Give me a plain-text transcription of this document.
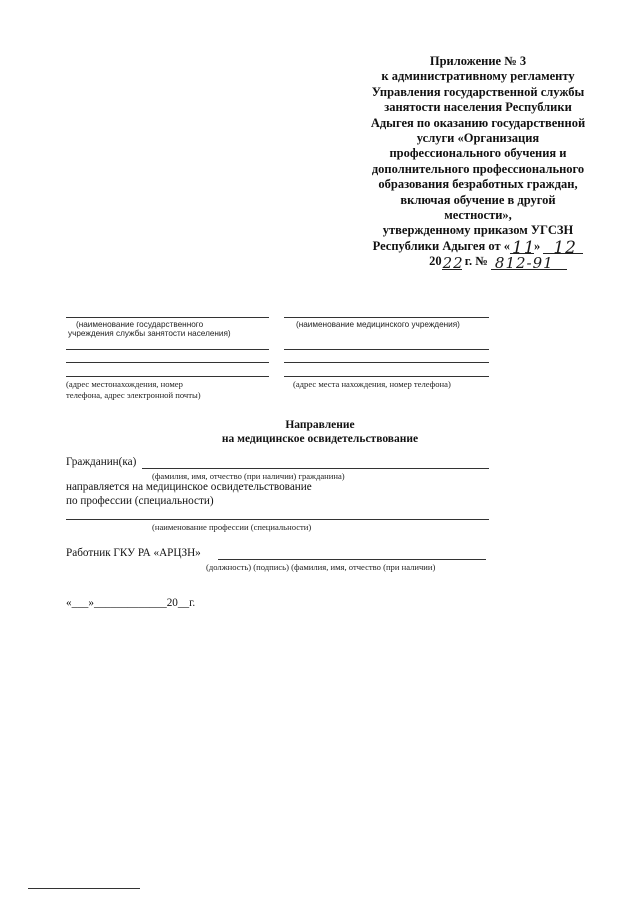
Приложение № 3
к административному регламенту
Управления государственной службы
занятости населения Республики
Адыгея по оказанию государственной
услуги «Организация
профессионального обучения и
дополнительного профессионального
образования безработных граждан,
включая обучение в другой
местности»,
утвержденному приказом УГСЗН
Республики Адыгея от « 11
» 12
20 22
г. № 812-91
(наименование государственного
учреждения службы занятости населения)
(наименование медицинского учреждения)
(адрес местонахождения, номер
телефона, адрес электронной почты)
(адрес места нахождения, номер телефона)
Направление
на медицинское освидетельствование
Гражданин(ка)
(фамилия, имя, отчество (при наличии) гражданина)
направляется на медицинское освидетельствование
по профессии (специальности)
(наименование профессии (специальности)
Работник ГКУ РА «АРЦЗН»
(должность) (подпись) (фамилия, имя, отчество (при наличии)
«___»_____________20__г.
